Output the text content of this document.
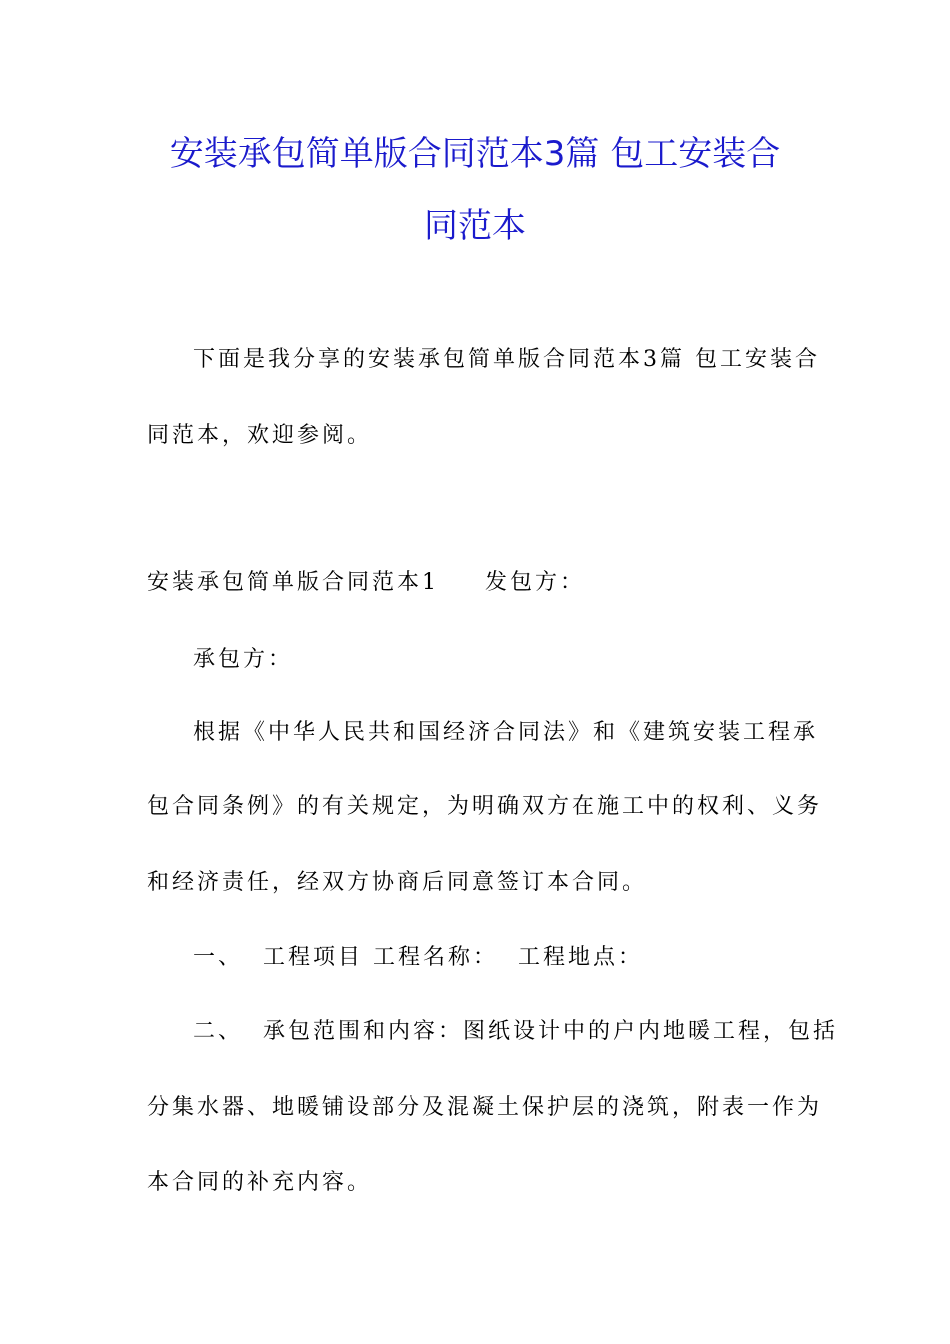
安装承包简单版合同范本3篇 包工安装合
同范本
下面是我分享的安装承包简单版合同范本3篇 包工安装合
同范本，欢迎参阅。
安装承包简单版合同范本1 发包方：
承包方：
根据《中华人民共和国经济合同法》和《建筑安装工程承
包合同条例》的有关规定，为明确双方在施工中的权利、义务
和经济责任，经双方协商后同意签订本合同。
一、 工程项目 工程名称： 工程地点：
二、 承包范围和内容：图纸设计中的户内地暖工程，包括
分集水器、地暖铺设部分及混凝土保护层的浇筑，附表一作为
本合同的补充内容。
